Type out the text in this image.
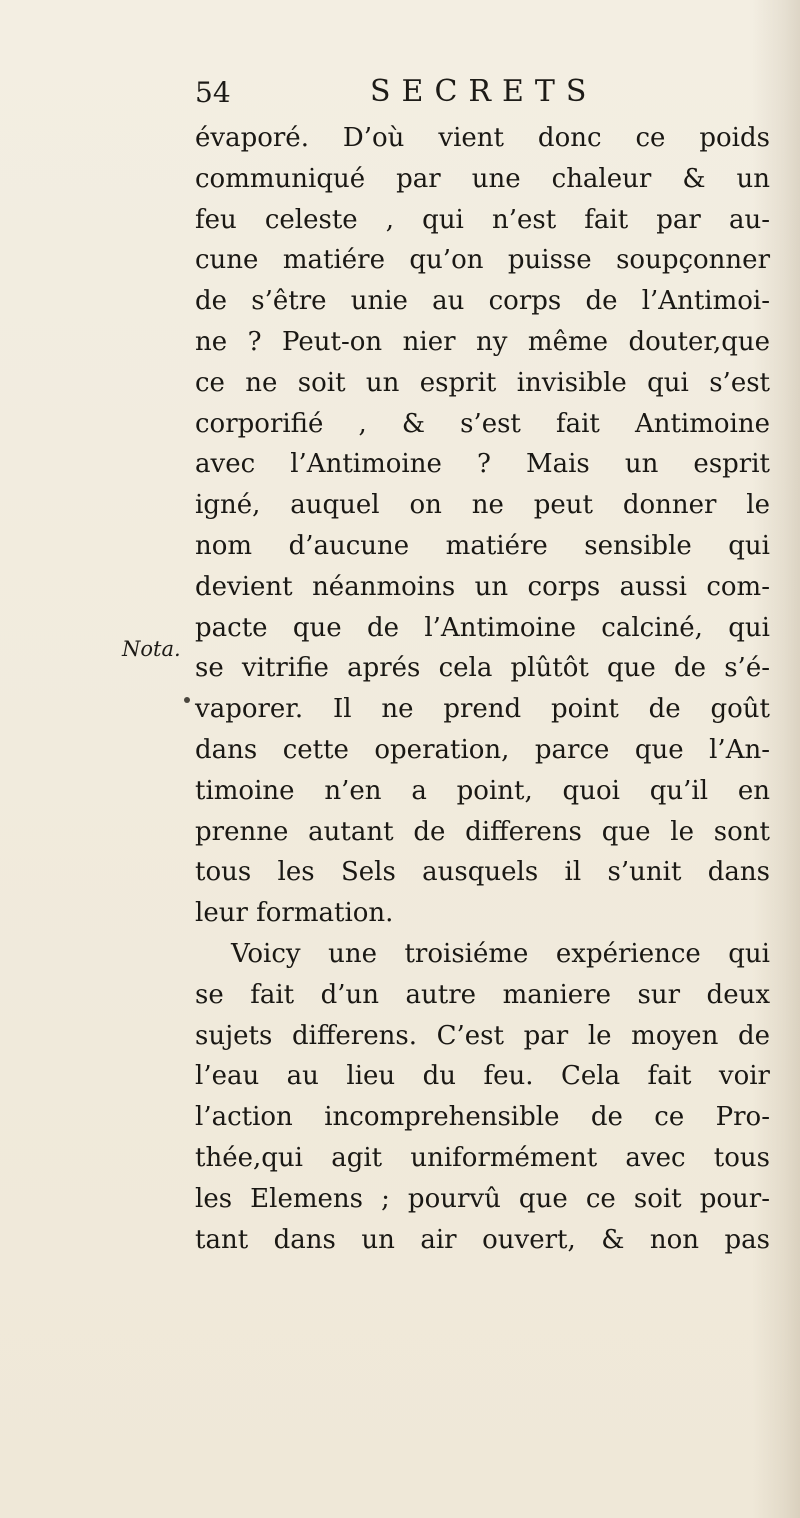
54	SECRETS
Nota.
évaporé. D’où vient donc ce poids
communiqué par une chaleur & un
feu celeste , qui n’est fait par au-
cune matiére qu’on puisse soupçonner
de s’être unie au corps de l’Antimoi-
ne ? Peut-on nier ny même douter,que
ce ne soit un esprit invisible qui s’est
corporifié , & s’est fait Antimoine
avec l’Antimoine ? Mais un esprit
igné, auquel on ne peut donner le
nom d’aucune matiére sensible qui
devient néanmoins un corps aussi com-
pacte que de l’Antimoine calciné, qui
se vitrifie aprés cela plûtôt que de s’é-
vaporer. Il ne prend point de goût
dans cette operation, parce que l’An-
timoine n’en a point, quoi qu’il en
prenne autant de differens que le sont
tous les Sels ausquels il s’unit dans
leur formation.
Voicy une troisiéme expérience qui
se fait d’un autre maniere sur deux
sujets differens. C’est par le moyen de
l’eau au lieu du feu. Cela fait voir
l’action incomprehensible de ce Pro-
thée,qui agit uniformément avec tous
les Elemens ; pourvû que ce soit pour-
tant dans un air ouvert, & non pas
